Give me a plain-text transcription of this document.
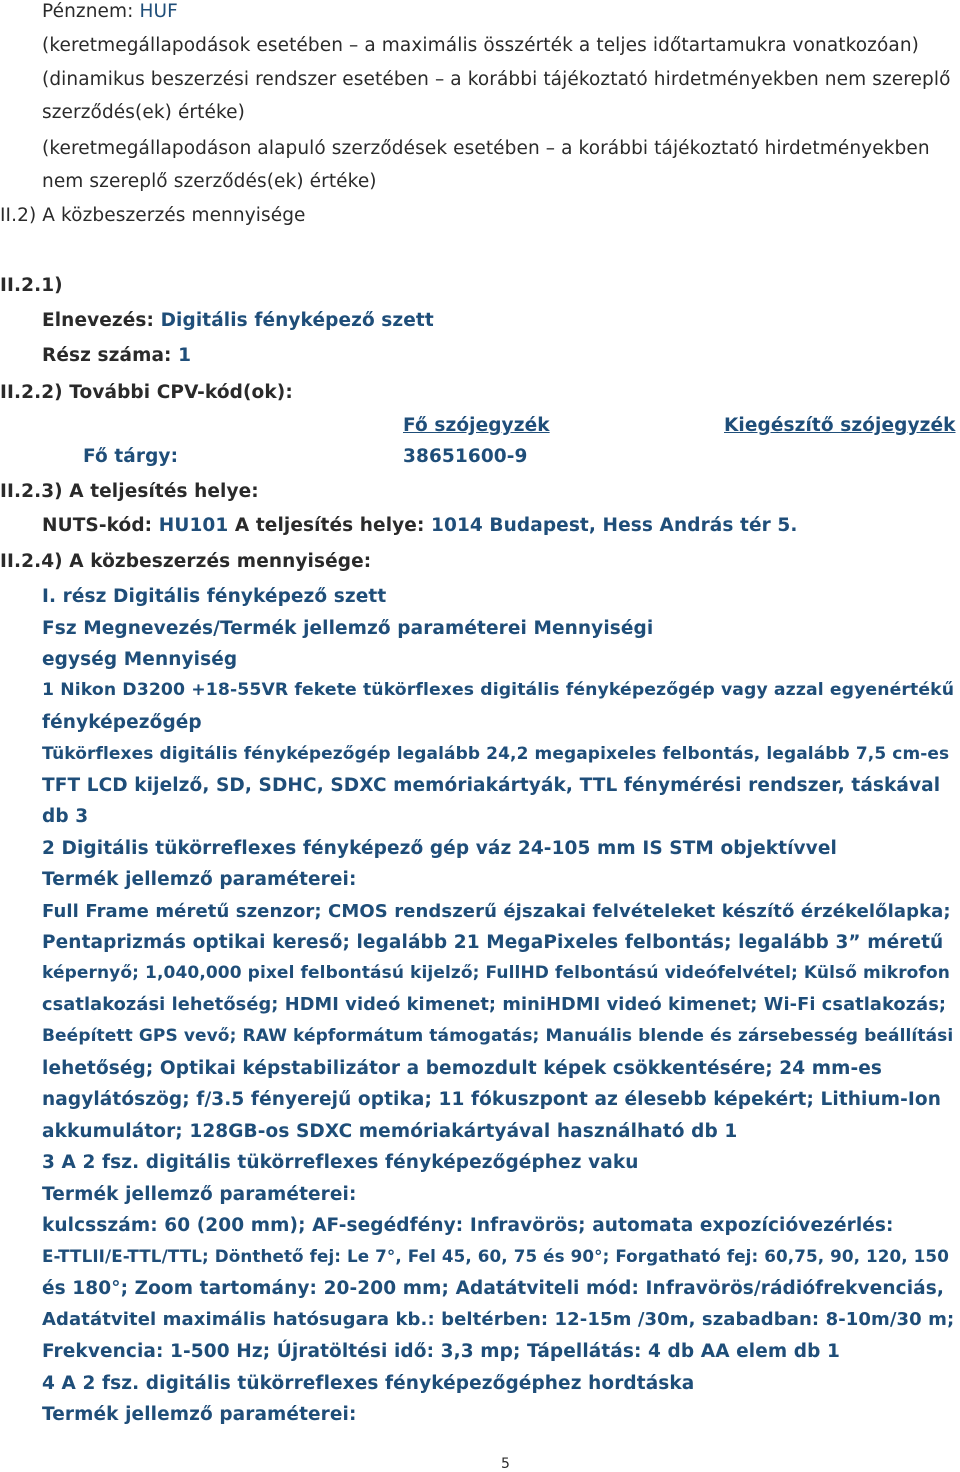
Pénznem: HUF
(keretmegállapodások esetében – a maximális összérték a teljes időtartamukra vonatkozóan)
(dinamikus beszerzési rendszer esetében – a korábbi tájékoztató hirdetményekben nem szereplő
szerződés(ek) értéke)
(keretmegállapodáson alapuló szerződések esetében – a korábbi tájékoztató hirdetményekben
nem szereplő szerződés(ek) értéke)
II.2) A közbeszerzés mennyisége
II.2.1)
Elnevezés: Digitális fényképező szett
Rész száma: 1
II.2.2) További CPV-kód(ok):
Fő szójegyzék	Kiegészítő szójegyzék
Fő tárgy:	38651600-9
II.2.3) A teljesítés helye:
NUTS-kód: HU101 A teljesítés helye: 1014 Budapest, Hess András tér 5.
II.2.4) A közbeszerzés mennyisége:
I. rész Digitális fényképező szett
Fsz Megnevezés/Termék jellemző paraméterei Mennyiségi
egység Mennyiség
1 Nikon D3200 +18-55VR fekete tükörflexes digitális fényképezőgép vagy azzal egyenértékű
fényképezőgép
Tükörflexes digitális fényképezőgép legalább 24,2 megapixeles felbontás, legalább 7,5 cm-es
TFT LCD kijelző, SD, SDHC, SDXC memóriakártyák, TTL fénymérési rendszer, táskával
db 3
2 Digitális tükörreflexes fényképező gép váz 24-105 mm IS STM objektívvel
Termék jellemző paraméterei:
Full Frame méretű szenzor; CMOS rendszerű éjszakai felvételeket készítő érzékelőlapka;
Pentaprizmás optikai kereső; legalább 21 MegaPixeles felbontás; legalább 3” méretű
képernyő; 1,040,000 pixel felbontású kijelző; FullHD felbontású videófelvétel; Külső mikrofon
csatlakozási lehetőség; HDMI videó kimenet; miniHDMI videó kimenet; Wi-Fi csatlakozás;
Beépített GPS vevő; RAW képformátum támogatás; Manuális blende és zársebesség beállítási
lehetőség; Optikai képstabilizátor a bemozdult képek csökkentésére; 24 mm-es
nagylátószög; f/3.5 fényerejű optika; 11 fókuszpont az élesebb képekért; Lithium-Ion
akkumulátor; 128GB-os SDXC memóriakártyával használható db 1
3 A 2 fsz. digitális tükörreflexes fényképezőgéphez vaku
Termék jellemző paraméterei:
kulcsszám: 60 (200 mm); AF-segédfény: Infravörös; automata expozícióvezérlés:
E-TTLII/E-TTL/TTL; Dönthető fej: Le 7°, Fel 45, 60, 75 és 90°; Forgatható fej: 60,75, 90, 120, 150
és 180°; Zoom tartomány: 20-200 mm; Adatátviteli mód: Infravörös/rádiófrekvenciás,
Adatátvitel maximális hatósugara kb.: beltérben: 12-15m /30m, szabadban: 8-10m/30 m;
Frekvencia: 1-500 Hz; Újratöltési idő: 3,3 mp; Tápellátás: 4 db AA elem db 1
4 A 2 fsz. digitális tükörreflexes fényképezőgéphez hordtáska
Termék jellemző paraméterei:
5
